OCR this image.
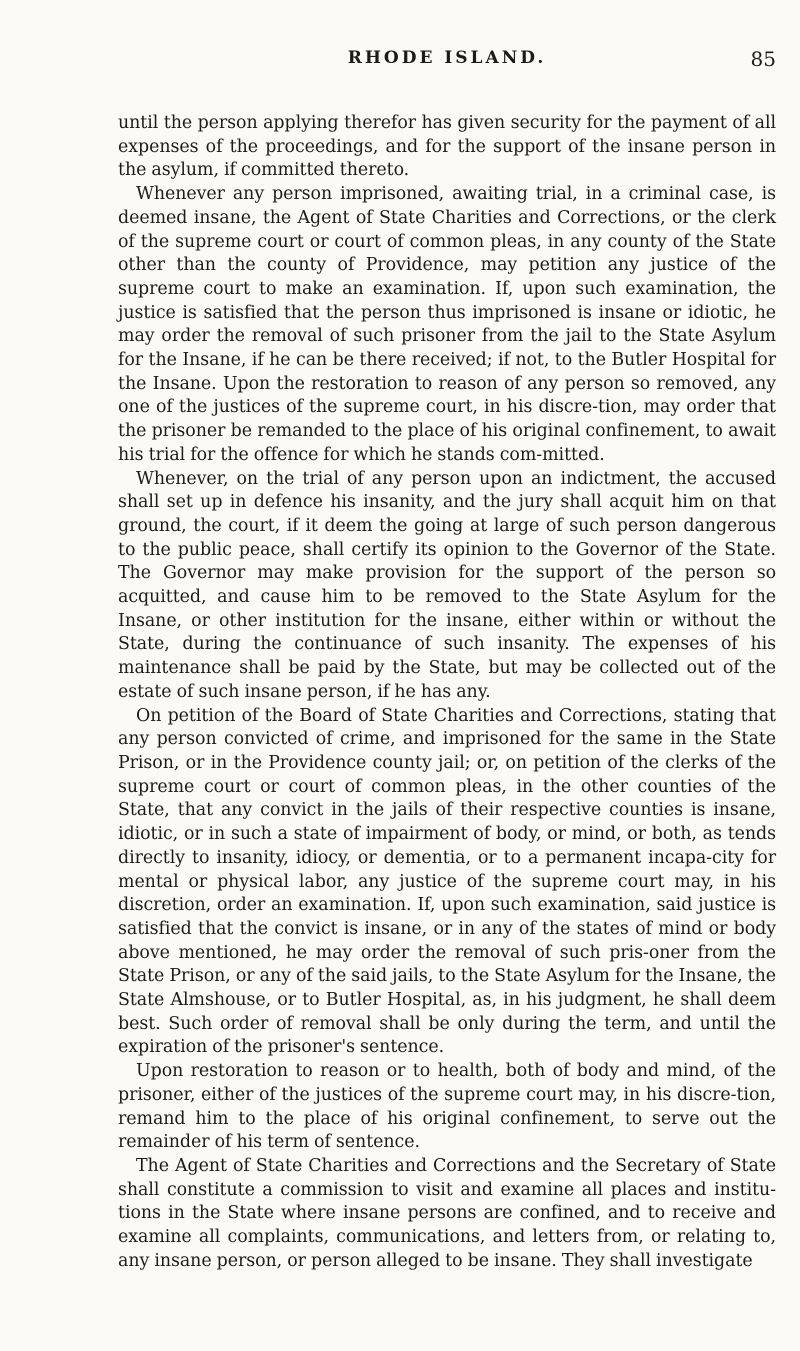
RHODE ISLAND.	85

until the person applying therefor has given security for the payment of all expenses of the proceedings, and for the support of the insane person in the asylum, if committed thereto.

Whenever any person imprisoned, awaiting trial, in a criminal case, is deemed insane, the Agent of State Charities and Corrections, or the clerk of the supreme court or court of common pleas, in any county of the State other than the county of Providence, may petition any justice of the supreme court to make an examination. If, upon such examination, the justice is satisfied that the person thus imprisoned is insane or idiotic, he may order the removal of such prisoner from the jail to the State Asylum for the Insane, if he can be there received; if not, to the Butler Hospital for the Insane. Upon the restoration to reason of any person so removed, any one of the justices of the supreme court, in his discre-tion, may order that the prisoner be remanded to the place of his original confinement, to await his trial for the offence for which he stands com-mitted.

Whenever, on the trial of any person upon an indictment, the accused shall set up in defence his insanity, and the jury shall acquit him on that ground, the court, if it deem the going at large of such person dangerous to the public peace, shall certify its opinion to the Governor of the State. The Governor may make provision for the support of the person so acquitted, and cause him to be removed to the State Asylum for the Insane, or other institution for the insane, either within or without the State, during the continuance of such insanity. The expenses of his maintenance shall be paid by the State, but may be collected out of the estate of such insane person, if he has any.

On petition of the Board of State Charities and Corrections, stating that any person convicted of crime, and imprisoned for the same in the State Prison, or in the Providence county jail; or, on petition of the clerks of the supreme court or court of common pleas, in the other counties of the State, that any convict in the jails of their respective counties is insane, idiotic, or in such a state of impairment of body, or mind, or both, as tends directly to insanity, idiocy, or dementia, or to a permanent incapa-city for mental or physical labor, any justice of the supreme court may, in his discretion, order an examination. If, upon such examination, said justice is satisfied that the convict is insane, or in any of the states of mind or body above mentioned, he may order the removal of such pris-oner from the State Prison, or any of the said jails, to the State Asylum for the Insane, the State Almshouse, or to Butler Hospital, as, in his judgment, he shall deem best. Such order of removal shall be only during the term, and until the expiration of the prisoner's sentence.

Upon restoration to reason or to health, both of body and mind, of the prisoner, either of the justices of the supreme court may, in his discre-tion, remand him to the place of his original confinement, to serve out the remainder of his term of sentence.

The Agent of State Charities and Corrections and the Secretary of State shall constitute a commission to visit and examine all places and institu-tions in the State where insane persons are confined, and to receive and examine all complaints, communications, and letters from, or relating to, any insane person, or person alleged to be insane. They shall investigate
